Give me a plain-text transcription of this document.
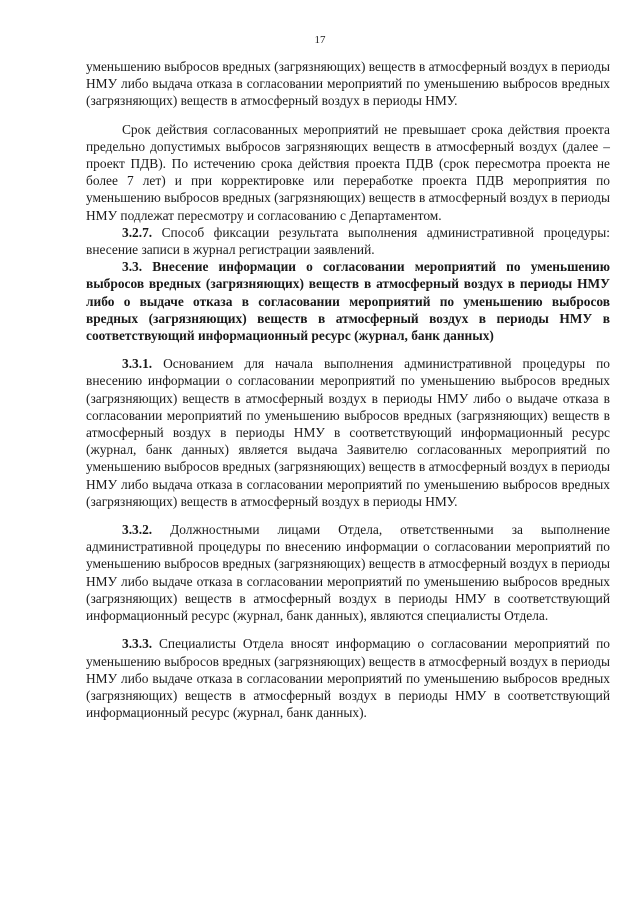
17

уменьшению выбросов вредных (загрязняющих) веществ в атмосферный воздух в периоды НМУ либо выдача отказа в согласовании мероприятий по уменьшению выбросов вредных (загрязняющих) веществ в атмосферный воздух в периоды НМУ.

Срок действия согласованных мероприятий не превышает срока действия проекта предельно допустимых выбросов загрязняющих веществ в атмосферный воздух (далее – проект ПДВ). По истечению срока действия проекта ПДВ (срок пересмотра проекта не более 7 лет) и при корректировке или переработке проекта ПДВ мероприятия по уменьшению выбросов вредных (загрязняющих) веществ в атмосферный воздух в периоды НМУ подлежат пересмотру и согласованию с Департаментом.

3.2.7. Способ фиксации результата выполнения административной процедуры: внесение записи в журнал регистрации заявлений.

3.3. Внесение информации о согласовании мероприятий по уменьшению выбросов вредных (загрязняющих) веществ в атмосферный воздух в периоды НМУ либо о выдаче отказа в согласовании мероприятий по уменьшению выбросов вредных (загрязняющих) веществ в атмосферный воздух в периоды НМУ в соответствующий информационный ресурс (журнал, банк данных)

3.3.1. Основанием для начала выполнения административной процедуры по внесению информации о согласовании мероприятий по уменьшению выбросов вредных (загрязняющих) веществ в атмосферный воздух в периоды НМУ либо о выдаче отказа в согласовании мероприятий по уменьшению выбросов вредных (загрязняющих) веществ в атмосферный воздух в периоды НМУ в соответствующий информационный ресурс (журнал, банк данных) является выдача Заявителю согласованных мероприятий по уменьшению выбросов вредных (загрязняющих) веществ в атмосферный воздух в периоды НМУ либо выдача отказа в согласовании мероприятий по уменьшению выбросов вредных (загрязняющих) веществ в атмосферный воздух в периоды НМУ.

3.3.2. Должностными лицами Отдела, ответственными за выполнение административной процедуры по внесению информации о согласовании мероприятий по уменьшению выбросов вредных (загрязняющих) веществ в атмосферный воздух в периоды НМУ либо выдаче отказа в согласовании мероприятий по уменьшению выбросов вредных (загрязняющих) веществ в атмосферный воздух в периоды НМУ в соответствующий информационный ресурс (журнал, банк данных), являются специалисты Отдела.

3.3.3. Специалисты Отдела вносят информацию о согласовании мероприятий по уменьшению выбросов вредных (загрязняющих) веществ в атмосферный воздух в периоды НМУ либо выдаче отказа в согласовании мероприятий по уменьшению выбросов вредных (загрязняющих) веществ в атмосферный воздух в периоды НМУ в соответствующий информационный ресурс (журнал, банк данных).
